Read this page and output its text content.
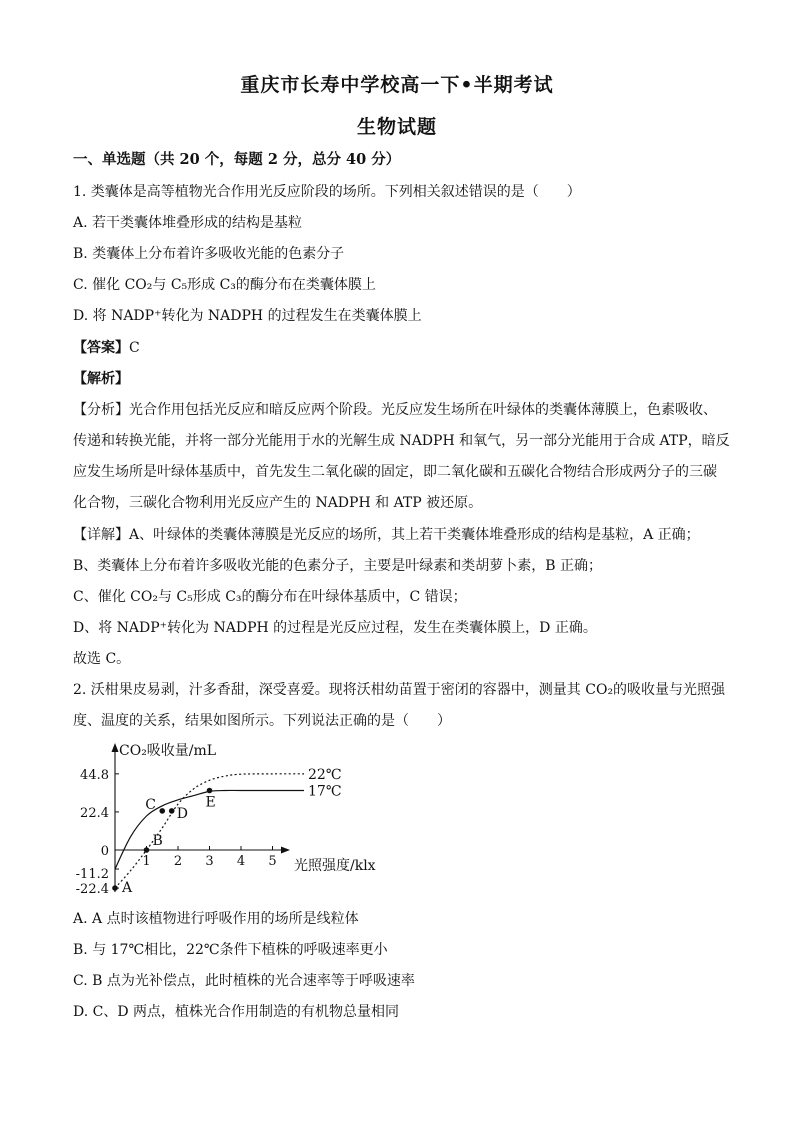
重庆市长寿中学校高一下•半期考试
生物试题
一、单选题（共 20 个，每题 2 分，总分 40 分）
1. 类囊体是高等植物光合作用光反应阶段的场所。下列相关叙述错误的是（　　）
A. 若干类囊体堆叠形成的结构是基粒
B. 类囊体上分布着许多吸收光能的色素分子
C. 催化 CO₂与 C₅形成 C₃的酶分布在类囊体膜上
D. 将 NADP⁺转化为 NADPH 的过程发生在类囊体膜上
【答案】C
【解析】
【分析】光合作用包括光反应和暗反应两个阶段。光反应发生场所在叶绿体的类囊体薄膜上，色素吸收、
传递和转换光能，并将一部分光能用于水的光解生成 NADPH 和氧气，另一部分光能用于合成 ATP，暗反
应发生场所是叶绿体基质中，首先发生二氧化碳的固定，即二氧化碳和五碳化合物结合形成两分子的三碳
化合物，三碳化合物利用光反应产生的 NADPH 和 ATP 被还原。
【详解】A、叶绿体的类囊体薄膜是光反应的场所，其上若干类囊体堆叠形成的结构是基粒，A 正确；
B、类囊体上分布着许多吸收光能的色素分子，主要是叶绿素和类胡萝卜素，B 正确；
C、催化 CO₂与 C₅形成 C₃的酶分布在叶绿体基质中，C 错误；
D、将 NADP⁺转化为 NADPH 的过程是光反应过程，发生在类囊体膜上，D 正确。
故选 C。
2. 沃柑果皮易剥，汁多香甜，深受喜爱。现将沃柑幼苗置于密闭的容器中，测量其 CO₂的吸收量与光照强
度、温度的关系，结果如图所示。下列说法正确的是（　　）
CO₂吸收量/mL
光照强度/klx
1 2 3 4 5
44.8
22.4
0
-11.2
-22.4
22℃
17℃
A
B
C
D
E
A. A 点时该植物进行呼吸作用的场所是线粒体
B. 与 17℃相比，22℃条件下植株的呼吸速率更小
C. B 点为光补偿点，此时植株的光合速率等于呼吸速率
D. C、D 两点，植株光合作用制造的有机物总量相同
